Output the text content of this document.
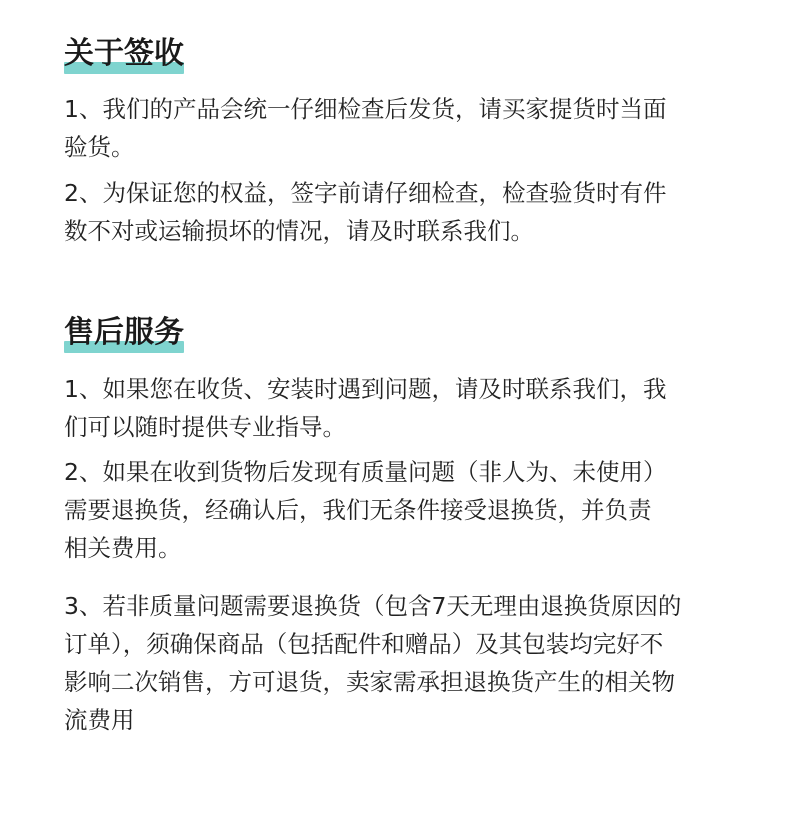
关于签收
1、我们的产品会统一仔细检查后发货，请买家提货时当面
验货。
2、为保证您的权益，签字前请仔细检查，检查验货时有件
数不对或运输损坏的情况，请及时联系我们。
售后服务
1、如果您在收货、安装时遇到问题，请及时联系我们，我
们可以随时提供专业指导。
2、如果在收到货物后发现有质量问题（非人为、未使用）
需要退换货，经确认后，我们无条件接受退换货，并负责
相关费用。
3、若非质量问题需要退换货（包含7天无理由退换货原因的
订单），须确保商品（包括配件和赠品）及其包装均完好不
影响二次销售，方可退货，卖家需承担退换货产生的相关物
流费用
